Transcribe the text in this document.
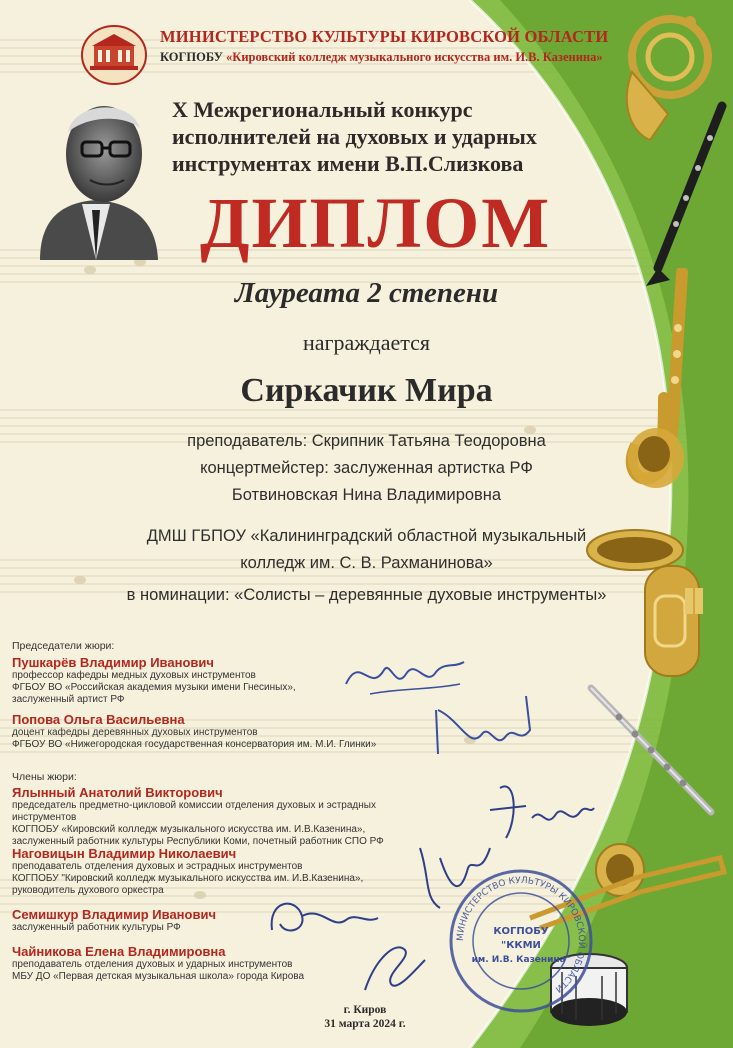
МИНИСТЕРСТВО КУЛЬТУРЫ КИРОВСКОЙ ОБЛАСТИ
КОГПОБУ «Кировский колледж музыкального искусства им. И.В. Казенина»
X Межрегиональный конкурс
исполнителей на духовых и ударных
инструментах имени В.П.Слизкова
ДИПЛОМ
Лауреата 2 степени
награждается
Сиркачик Мира
преподаватель: Скрипник Татьяна Теодоровна
концертмейстер: заслуженная артистка РФ
Ботвиновская Нина Владимировна
ДМШ ГБПОУ «Калининградский областной музыкальный
колледж им. С. В. Рахманинова»
в номинации: «Солисты – деревянные духовые инструменты»
Председатели жюри:
Пушкарёв Владимир Иванович
профессор кафедры медных духовых инструментов
ФГБОУ ВО «Российская академия музыки имени Гнесиных»,
заслуженный артист РФ
Попова Ольга Васильевна
доцент кафедры деревянных духовых инструментов
ФГБОУ ВО «Нижегородская государственная консерватория им. М.И. Глинки»
Члены жюри:
Ялынный Анатолий Викторович
председатель предметно-цикловой комиссии отделения духовых и эстрадных инструментов
КОГПОБУ «Кировский колледж музыкального искусства им. И.В.Казенина»,
заслуженный работник культуры Республики Коми, почетный работник СПО РФ
Наговицын Владимир Николаевич
преподаватель отделения духовых и эстрадных инструментов
КОГПОБУ "Кировский колледж музыкального искусства им. И.В.Казенина»,
руководитель духового оркестра
Семишкур Владимир Иванович
заслуженный работник культуры РФ
Чайникова Елена Владимировна
преподаватель отделения духовых и ударных инструментов
МБУ ДО «Первая детская музыкальная школа» города Кирова
МИНИСТЕРСТВО КУЛЬТУРЫ КИРОВСКОЙ ОБЛАСТИ
КОГПОБУ
"ККМИ
им. И.В. Казенина"
г. Киров
31 марта 2024 г.
